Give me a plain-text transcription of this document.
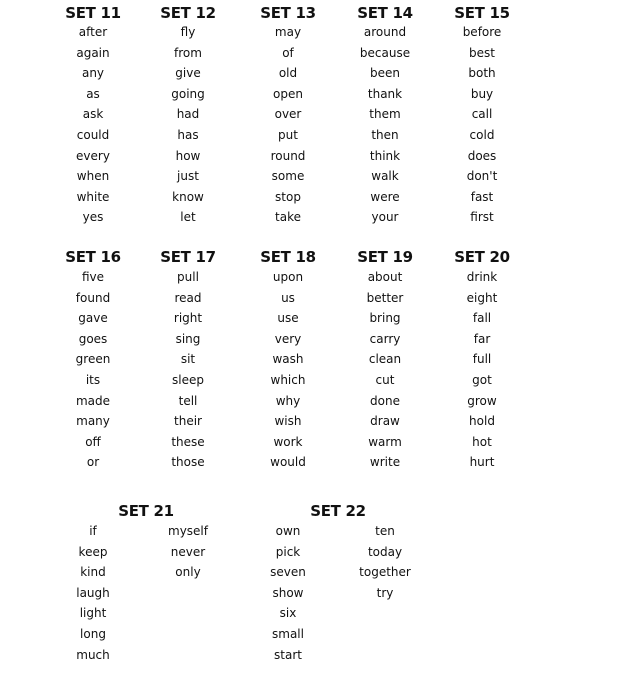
SET 11
after
again
any
as
ask
could
every
when
white
yes
SET 12
fly
from
give
going
had
has
how
just
know
let
SET 13
may
of
old
open
over
put
round
some
stop
take
SET 14
around
because
been
thank
them
then
think
walk
were
your
SET 15
before
best
both
buy
call
cold
does
don't
fast
first
SET 16
five
found
gave
goes
green
its
made
many
off
or
SET 17
pull
read
right
sing
sit
sleep
tell
their
these
those
SET 18
upon
us
use
very
wash
which
why
wish
work
would
SET 19
about
better
bring
carry
clean
cut
done
draw
warm
write
SET 20
drink
eight
fall
far
full
got
grow
hold
hot
hurt
SET 21
if
keep
kind
laugh
light
long
much
myself
never
only
SET 22
own
pick
seven
show
six
small
start
ten
today
together
try
